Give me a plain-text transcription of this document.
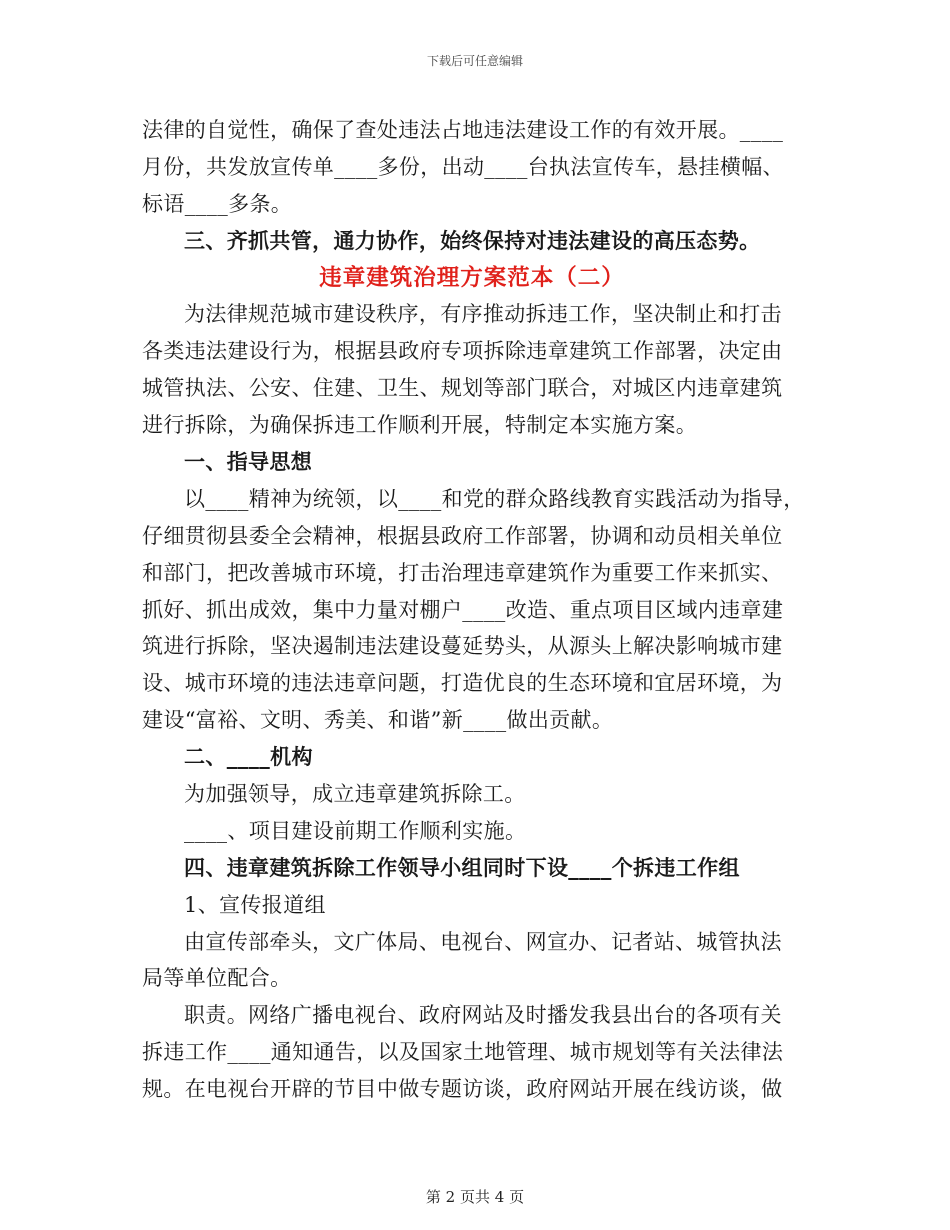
下载后可任意编辑
法律的自觉性，确保了查处违法占地违法建设工作的有效开展。____
月份，共发放宣传单____多份，出动____台执法宣传车，悬挂横幅、
标语____多条。
三、齐抓共管，通力协作，始终保持对违法建设的高压态势。
违章建筑治理方案范本（二）
为法律规范城市建设秩序，有序推动拆违工作，坚决制止和打击
各类违法建设行为，根据县政府专项拆除违章建筑工作部署，决定由
城管执法、公安、住建、卫生、规划等部门联合，对城区内违章建筑
进行拆除，为确保拆违工作顺利开展，特制定本实施方案。
一、指导思想
以____精神为统领，以____和党的群众路线教育实践活动为指导，
仔细贯彻县委全会精神，根据县政府工作部署，协调和动员相关单位
和部门，把改善城市环境，打击治理违章建筑作为重要工作来抓实、
抓好、抓出成效，集中力量对棚户____改造、重点项目区域内违章建
筑进行拆除，坚决遏制违法建设蔓延势头，从源头上解决影响城市建
设、城市环境的违法违章问题，打造优良的生态环境和宜居环境，为
建设“富裕、文明、秀美、和谐”新____做出贡献。
二、____机构
为加强领导，成立违章建筑拆除工。
____、项目建设前期工作顺利实施。
四、违章建筑拆除工作领导小组同时下设____个拆违工作组
1、宣传报道组
由宣传部牵头，文广体局、电视台、网宣办、记者站、城管执法
局等单位配合。
职责。网络广播电视台、政府网站及时播发我县出台的各项有关
拆违工作____通知通告，以及国家土地管理、城市规划等有关法律法
规。在电视台开辟的节目中做专题访谈，政府网站开展在线访谈，做
第 2 页共 4 页
